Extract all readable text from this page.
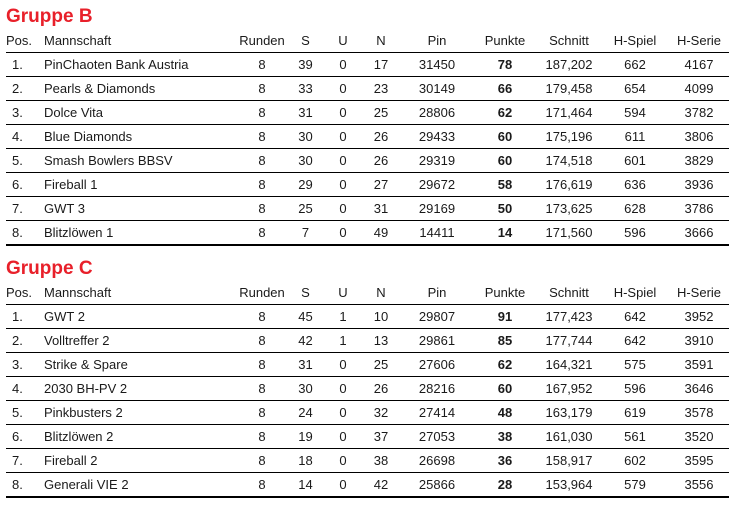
Gruppe B
Pos.	Mannschaft	Runden	S	U	N	Pin	Punkte	Schnitt	H-Spiel	H-Serie
1.	PinChaoten Bank Austria	8	39	0	17	31450	78	187,202	662	4167
2.	Pearls & Diamonds	8	33	0	23	30149	66	179,458	654	4099
3.	Dolce Vita	8	31	0	25	28806	62	171,464	594	3782
4.	Blue Diamonds	8	30	0	26	29433	60	175,196	611	3806
5.	Smash Bowlers BBSV	8	30	0	26	29319	60	174,518	601	3829
6.	Fireball 1	8	29	0	27	29672	58	176,619	636	3936
7.	GWT 3	8	25	0	31	29169	50	173,625	628	3786
8.	Blitzlöwen 1	8	7	0	49	14411	14	171,560	596	3666
Gruppe C
Pos.	Mannschaft	Runden	S	U	N	Pin	Punkte	Schnitt	H-Spiel	H-Serie
1.	GWT 2	8	45	1	10	29807	91	177,423	642	3952
2.	Volltreffer 2	8	42	1	13	29861	85	177,744	642	3910
3.	Strike & Spare	8	31	0	25	27606	62	164,321	575	3591
4.	2030 BH-PV 2	8	30	0	26	28216	60	167,952	596	3646
5.	Pinkbusters 2	8	24	0	32	27414	48	163,179	619	3578
6.	Blitzlöwen 2	8	19	0	37	27053	38	161,030	561	3520
7.	Fireball 2	8	18	0	38	26698	36	158,917	602	3595
8.	Generali VIE 2	8	14	0	42	25866	28	153,964	579	3556
